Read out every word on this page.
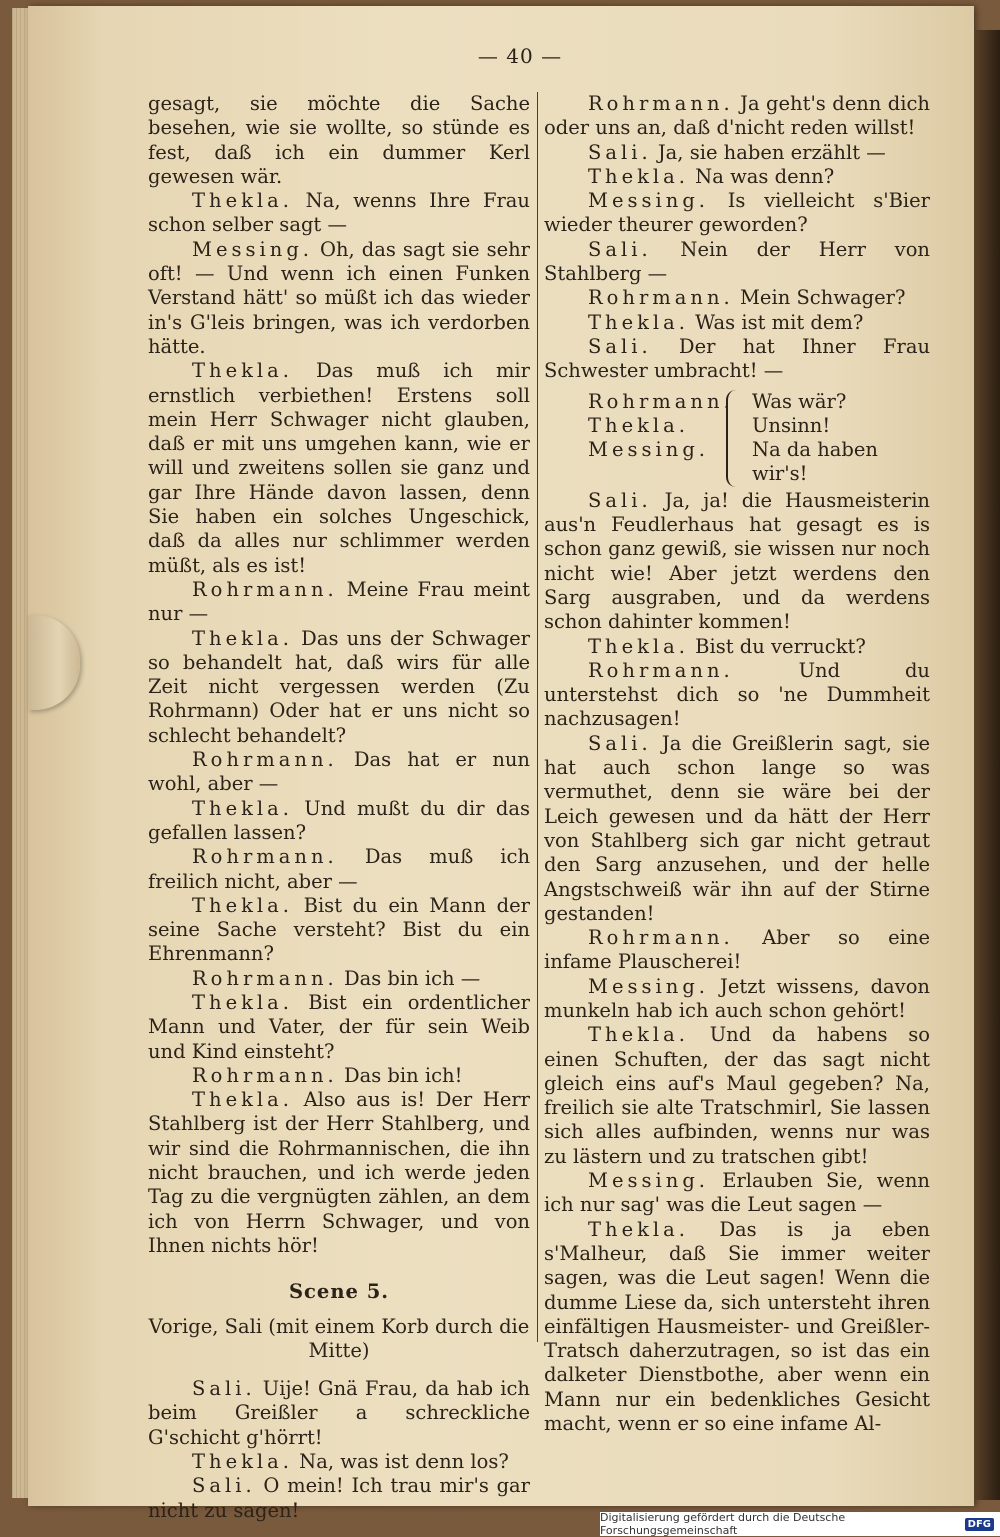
— 40 —

gesagt, sie möchte die Sache besehen, wie sie wollte, so stünde es fest, daß ich ein dummer Kerl gewesen wär.

Thekla. Na, wenns Ihre Frau schon selber sagt —

Messing. Oh, das sagt sie sehr oft! — Und wenn ich einen Funken Verstand hätt' so müßt ich das wieder in's G'leis bringen, was ich verdorben hätte.

Thekla. Das muß ich mir ernstlich verbiethen! Erstens soll mein Herr Schwager nicht glauben, daß er mit uns umgehen kann, wie er will und zweitens sollen sie ganz und gar Ihre Hände davon lassen, denn Sie haben ein solches Ungeschick, daß da alles nur schlimmer werden müßt, als es ist!

Rohrmann. Meine Frau meint nur —

Thekla. Das uns der Schwager so behandelt hat, daß wirs für alle Zeit nicht vergessen werden (Zu Rohrmann) Oder hat er uns nicht so schlecht behandelt?

Rohrmann. Das hat er nun wohl, aber —

Thekla. Und mußt du dir das gefallen lassen?

Rohrmann. Das muß ich freilich nicht, aber —

Thekla. Bist du ein Mann der seine Sache versteht? Bist du ein Ehrenmann?

Rohrmann. Das bin ich —

Thekla. Bist ein ordentlicher Mann und Vater, der für sein Weib und Kind einsteht?

Rohrmann. Das bin ich!

Thekla. Also aus is! Der Herr Stahlberg ist der Herr Stahlberg, und wir sind die Rohrmannischen, die ihn nicht brauchen, und ich werde jeden Tag zu die vergnügten zählen, an dem ich von Herrn Schwager, und von Ihnen nichts hör!

Scene 5.
Vorige, Sali (mit einem Korb durch die Mitte)

Sali. Uije! Gnä Frau, da hab ich beim Greißler a schreckliche G'schicht g'hörrt!

Thekla. Na, was ist denn los?

Sali. O mein! Ich trau mir's gar nicht zu sagen!

Rohrmann. Ja geht's denn dich oder uns an, daß d'nicht reden willst!

Sali. Ja, sie haben erzählt —

Thekla. Na was denn?

Messing. Is vielleicht s'Bier wieder theurer geworden?

Sali. Nein der Herr von Stahlberg —

Rohrmann. Mein Schwager?

Thekla. Was ist mit dem?

Sali. Der hat Ihner Frau Schwester umbracht! —

Rohrmann.
Thekla.
Messing.
Was wär?
Unsinn!
Na da haben wir's!

Sali. Ja, ja! die Hausmeisterin aus'n Feudlerhaus hat gesagt es is schon ganz gewiß, sie wissen nur noch nicht wie! Aber jetzt werdens den Sarg ausgraben, und da werdens schon dahinter kommen!

Thekla. Bist du verruckt?

Rohrmann. Und du unterstehst dich so 'ne Dummheit nachzusagen!

Sali. Ja die Greißlerin sagt, sie hat auch schon lange so was vermuthet, denn sie wäre bei der Leich gewesen und da hätt der Herr von Stahlberg sich gar nicht getraut den Sarg anzusehen, und der helle Angstschweiß wär ihn auf der Stirne gestanden!

Rohrmann. Aber so eine infame Plauscherei!

Messing. Jetzt wissens, davon munkeln hab ich auch schon gehört!

Thekla. Und da habens so einen Schuften, der das sagt nicht gleich eins auf's Maul gegeben? Na, freilich sie alte Tratschmirl, Sie lassen sich alles aufbinden, wenns nur was zu lästern und zu tratschen gibt!

Messing. Erlauben Sie, wenn ich nur sag' was die Leut sagen —

Thekla. Das is ja eben s'Malheur, daß Sie immer weiter sagen, was die Leut sagen! Wenn die dumme Liese da, sich untersteht ihren einfältigen Hausmeister- und Greißler-Tratsch daherzutragen, so ist das ein dalketer Dienstbothe, aber wenn ein Mann nur ein bedenkliches Gesicht macht, wenn er so eine infame Al-

Digitalisierung gefördert durch die Deutsche Forschungsgemeinschaft	DFG
